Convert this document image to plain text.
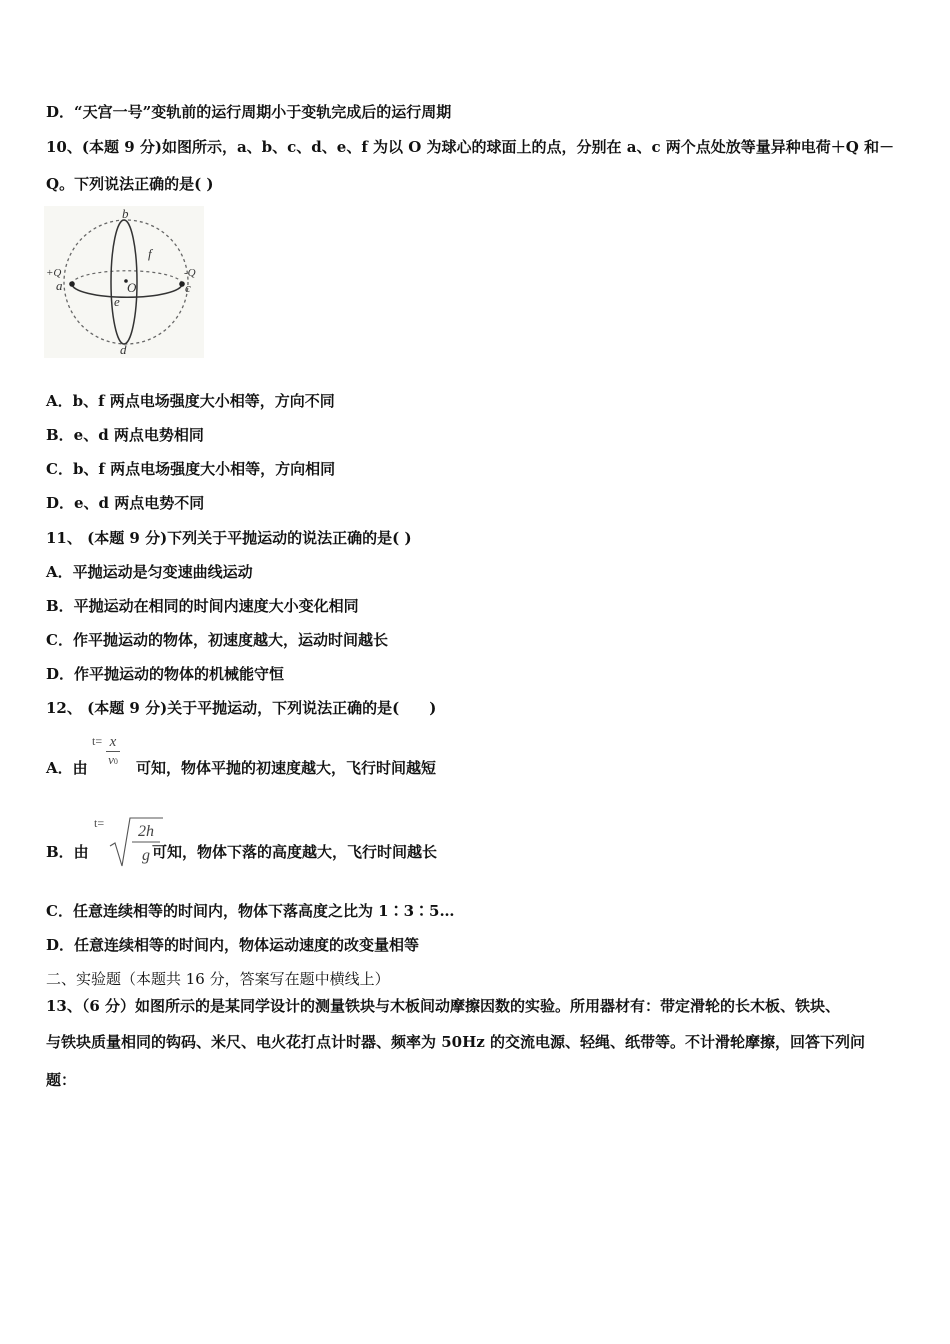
D．“天宫一号”变轨前的运行周期小于变轨完成后的运行周期
10、(本题 9 分)如图所示，a、b、c、d、e、f 为以 O 为球心的球面上的点，分别在 a、c 两个点处放等量异种电荷＋Q 和－
Q。下列说法正确的是( )
b
f
+Q	-Q
a	O	c
e
d
A．b、f 两点电场强度大小相等，方向不同
B．e、d 两点电势相同
C．b、f 两点电场强度大小相等，方向相同
D．e、d 两点电势不同
11、 (本题 9 分)下列关于平抛运动的说法正确的是( )
A．平抛运动是匀变速曲线运动
B．平抛运动在相同的时间内速度大小变化相同
C．作平抛运动的物体，初速度越大，运动时间越长
D．作平抛运动的物体的机械能守恒
12、 (本题 9 分)关于平抛运动，下列说法正确的是(　　)
A．由
$^{t=} \frac{x}{v0}$ 可知，物体平抛的初速度越大，飞行时间越短
B．由
$^{t=}$ 2h
g 可知，物体下落的高度越大，飞行时间越长
C．任意连续相等的时间内，物体下落高度之比为 1∶3∶5…
D．任意连续相等的时间内，物体运动速度的改变量相等
二、实验题（本题共 16 分，答案写在题中横线上）
13、（6 分）如图所示的是某同学设计的测量铁块与木板间动摩擦因数的实验。所用器材有：带定滑轮的长木板、铁块、
与铁块质量相同的钩码、米尺、电火花打点计时器、频率为 50Hz 的交流电源、轻绳、纸带等。不计滑轮摩擦，回答下列问
题：
